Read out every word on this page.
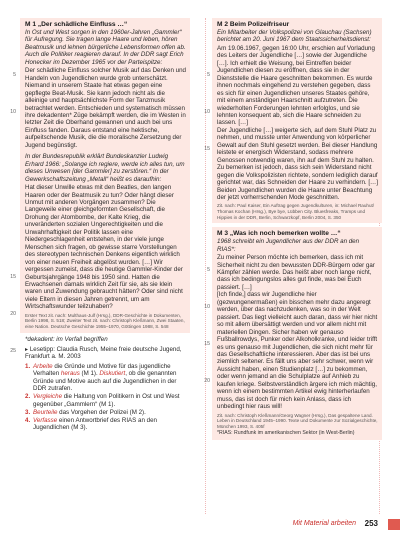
M 1 „Der schädliche Einfluss …“

In Ost und West sorgen in den 1960er-Jahren „Gammler“ für Aufregung. Sie tragen lange Haare und leben, hören Beatmusik und lehnen bürgerliche Lebensformen offen ab. Auch die Politiker reagieren darauf. In der DDR sagt Erich Honecker im Dezember 1965 vor der Parteispitze:

Der schädliche Einfluss solcher Musik auf das Denken und Handeln von Jugendlichen wurde grob unterschätzt. Niemand in unserem Staate hat etwas gegen eine gepflegte Beat-Musik. Sie kann jedoch nicht als die alleinige und hauptsächlichste Form der Tanzmusik betrachtet werden. Entschieden und systematisch müssen ihre dekadenten* Züge bekämpft werden, die im Westen in letzter Zeit die Oberhand gewannen und auch bei uns Einfluss fanden. Daraus entstand eine hektische, aufpeitschende Musik, die die moralische Zersetzung der Jugend begünstigt.

In der Bundesrepublik erklärt Bundeskanzler Ludwig Erhard 1966: „Solange ich regiere, werde ich alles tun, um dieses Unwesen [der Gammler] zu zerstören.“ In der Gewerkschaftszeitung „Metall“ heißt es daraufhin:

Hat dieser Unwille etwas mit den Beatles, den langen Haaren oder der Beatmusik zu tun? Oder hängt dieser Unmut mit anderen Vorgängen zusammen? Die Langeweile einer gleichgeformten Gesellschaft, die Drohung der Atombombe, der Kalte Krieg, die unveränderten sozialen Ungerechtigkeiten und die Unwahrhaftigkeit der Politik lassen eine Niedergeschlagenheit entstehen, in der viele junge Menschen sich fragen, ob gewisse starre Vorstellungen des stereotypen technischen Denkens eigentlich wirklich von einer neuen Freiheit abgelöst wurden. […] Wir vergessen zumeist, dass die heutige Gammler-Kinder der Geburtsjahrgänge 1948 bis 1950 sind. Hatten die Erwachsenen damals wirklich Zeit für sie, als sie klein waren und Zuwendung gebraucht hätten? Oder sind nicht viele Eltern in diesen Jahren getrennt, um am Wirtschaftswunder teilzuhaben?

Erster Text zit. nach: Multhaus-Julf (Hrsg.), DDR-Geschichte in Dokumenten, Berlin 1998, S. 518; Zweiter Text zit. nach: Christoph Kleßmann, Zwei Staaten, eine Nation. Deutsche Geschichte 1955–1970, Göttingen 1988, S. 548

5
10
15
20
25

*dekadent: im Verfall begriffen

▸ Lesetipp: Claudia Rusch, Meine freie deutsche Jugend, Frankfurt a. M. 2003

1. Arbeite die Gründe und Motive für das jugendliche Verhalten heraus (M 1). Diskutiert, ob die genannten Gründe und Motive auch auf die Jugendlichen in der DDR zutrafen.
2. Vergleiche die Haltung von Politikern in Ost und West gegenüber „Gammlern“ (M 1).
3. Beurteile das Vorgehen der Polizei (M 2).
4. Verfasse einen Antwortbrief des RIAS an den Jugendlichen (M 3).
M 2 Beim Polizeifriseur

Ein Mitarbeiter der Volkspolizei von Glauchau (Sachsen) berichtet am 20. Juni 1967 dem Staatssicherheitsdienst:

Am 19.06.1967, gegen 16:00 Uhr, erschien auf Vorladung des Leiters der Jugendliche […] sowie der Jugendliche […]. Ich erhielt die Weisung, bei Eintreffen beider Jugendlichen diesen zu eröffnen, dass sie in der Dienststelle die Haare geschnitten bekommen. Es wurde ihnen nochmals eingehend zu verstehen gegeben, dass es sich für einen Jugendlichen unseres Staates gehöre, mit einem anständigen Haarschnitt aufzutreten. Die wiederholten Forderungen lehnten erfolglos, und sie lehnten konsequent ab, sich die Haare schneiden zu lassen. […]

Der Jugendliche […] weigerte sich, auf dem Stuhl Platz zu nehmen, und musste unter Anwendung von körperlicher Gewalt auf den Stuhl gesetzt werden. Bei dieser Handlung leistete er energisch Widerstand, sodass mehrere Genossen notwendig waren, ihn auf dem Stuhl zu halten. Zu bemerken ist jedoch, dass sich sein Widerstand nicht gegen die Volkspolizisten richtete, sondern lediglich darauf gerichtet war, das Schneiden der Haare zu verhindern. […] Beiden Jugendlichen wurden die Haare unter Beachtung der jetzt vorherrschenden Mode geschnitten.

Zit. nach: Paul Kaiser, Ein Auftrag gegen Jugendkulturen, in: Michael Rauhut/ Thomas Kochan (Hrsg.), Bye bye, Lübben City. Bluesfreaks, Tramps und Hippies in der DDR, Berlin, Schwarzkopf, Berlin 2004, S. 350

5
10
15
M 3 „Was ich noch bemerken wollte …“

1968 schreibt ein Jugendlicher aus der DDR an den RIAS*:

Zu meiner Person möchte ich bemerken, dass ich mit Sicherheit nicht zu den bewussten DDR-Bürgern oder gar Kämpfer zählen werde. Das heißt aber noch lange nicht, dass ich bedingungslos alles gut finde, was bei Euch passiert. […]

[Ich finde,] dass wir Jugendliche hier (gezwungenermaßen) ein bisschen mehr dazu angeregt werden, über das nachzudenken, was so in der Welt passiert. Das liegt vielleicht auch daran, dass wir hier nicht so mit allem übersättigt werden und vor allem nicht mit materiellen Dingen. Sicher haben wir genauso Fußballrowdys, Punker oder Alkoholkranke, und leider trifft es uns genauso mit Jugendlichen, die sich nicht mehr für das Gesellschaftliche interessieren. Aber das ist bei uns ziemlich seltener. Es fällt uns aber sehr schwer, wenn wir Aussicht haben, einen Studienplatz […] zu bekommen, oder wenn jemand an die Schulplatze auf Anhieb zu kaufen kriege. Selbstverständlich ärgere ich mich mächtig, wenn ich einem bestimmten Artikel ewig hinterherlaufen muss, das ist doch für mich kein Anlass, dass ich unbedingt hier raus will!

Zit. nach: Christoph Kleßmann/Georg Wagner (Hrsg.), Das gespaltene Land. Leben in Deutschland 1945–1990. Texte und Dokumente zur Sozialgeschichte, München 1993, S. 405f

*RIAS: Rundfunk im amerikanischen Sektor (in West-Berlin)

5
10
15
20
Mit Material arbeiten 253
